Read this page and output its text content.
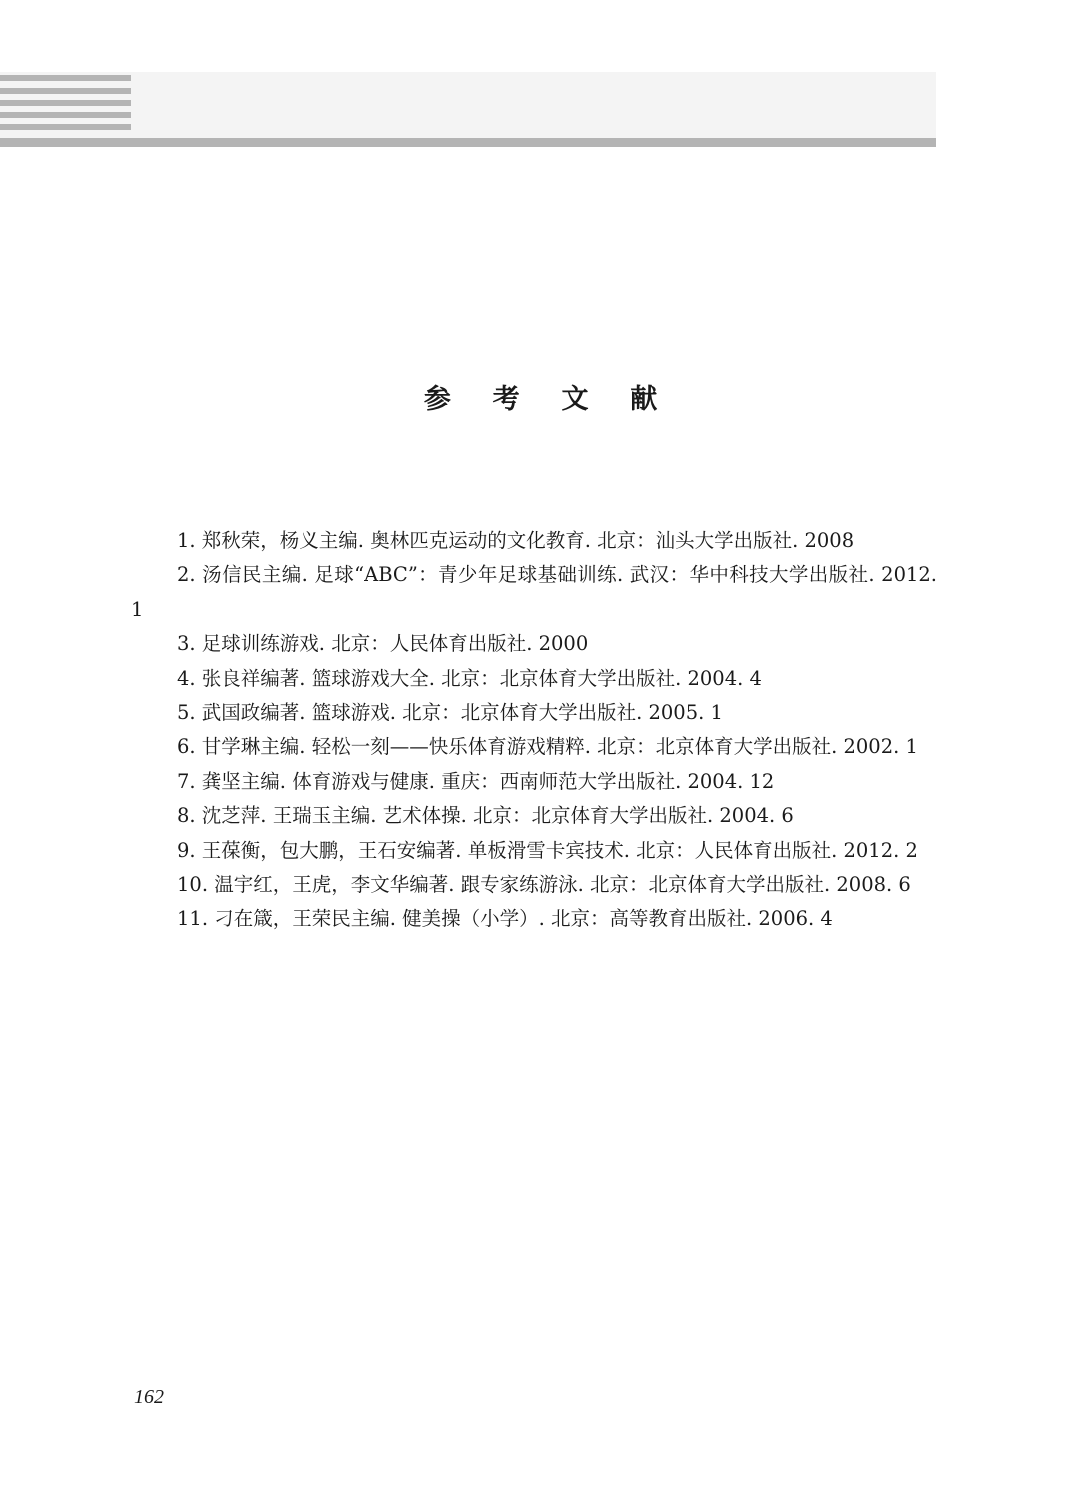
参 考 文 献
1. 郑秋荣，杨义主编. 奥林匹克运动的文化教育. 北京：汕头大学出版社. 2008
2. 汤信民主编. 足球“ABC”：青少年足球基础训练. 武汉：华中科技大学出版社. 2012. 1
3. 足球训练游戏. 北京：人民体育出版社. 2000
4. 张良祥编著. 篮球游戏大全. 北京：北京体育大学出版社. 2004. 4
5. 武国政编著. 篮球游戏. 北京：北京体育大学出版社. 2005. 1
6. 甘学琳主编. 轻松一刻——快乐体育游戏精粹. 北京：北京体育大学出版社. 2002. 1
7. 龚坚主编. 体育游戏与健康. 重庆：西南师范大学出版社. 2004. 12
8. 沈芝萍. 王瑞玉主编. 艺术体操. 北京：北京体育大学出版社. 2004. 6
9. 王葆衡，包大鹏，王石安编著. 单板滑雪卡宾技术. 北京：人民体育出版社. 2012. 2
10. 温宇红，王虎，李文华编著. 跟专家练游泳. 北京：北京体育大学出版社. 2008. 6
11. 刁在箴，王荣民主编. 健美操（小学）. 北京：高等教育出版社. 2006. 4
162
